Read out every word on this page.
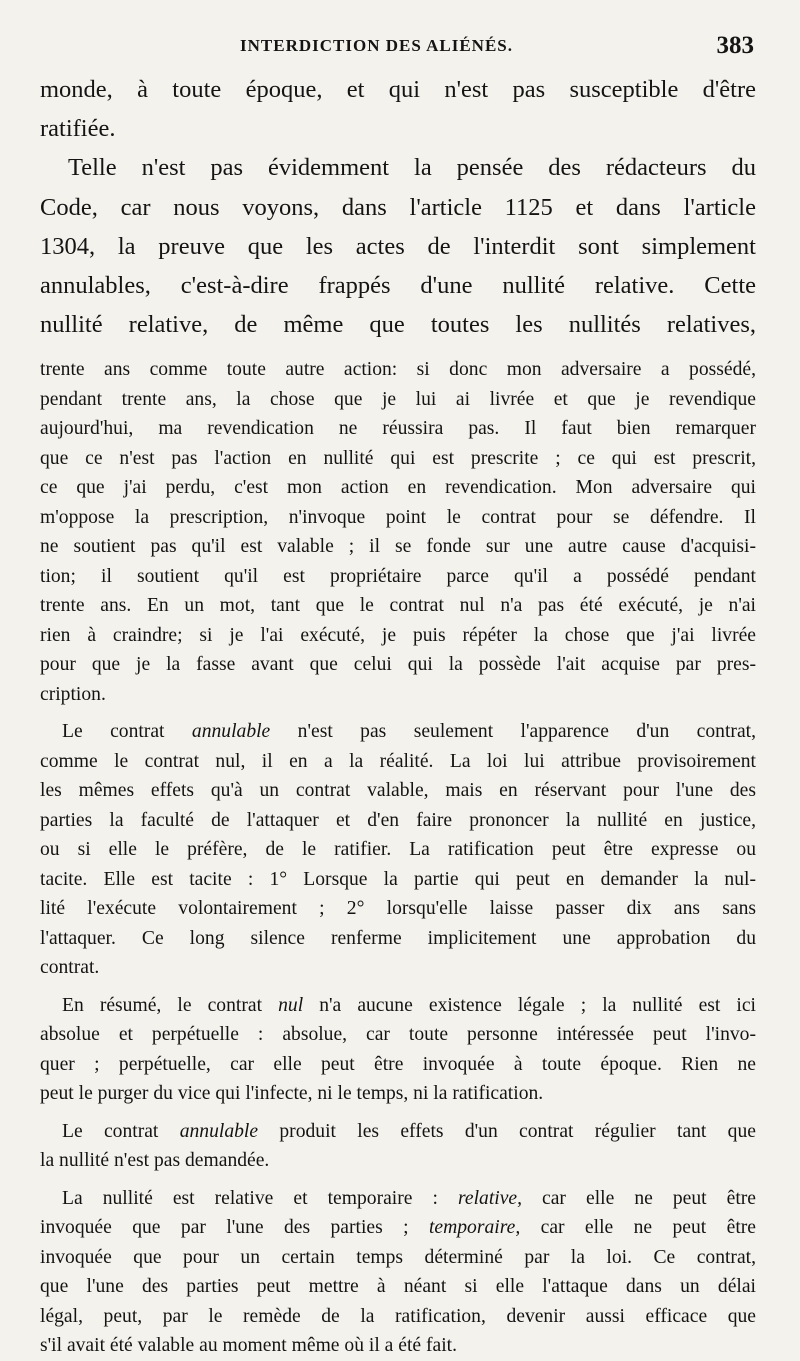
INTERDICTION DES ALIÉNÉS.	383

monde, à toute époque, et qui n'est pas susceptible d'être

ratifiée.

Telle n'est pas évidemment la pensée des rédacteurs du

Code, car nous voyons, dans l'article 1125 et dans l'article

1304, la preuve que les actes de l'interdit sont simplement

annulables, c'est-à-dire frappés d'une nullité relative. Cette

nullité relative, de même que toutes les nullités relatives,

trente ans comme toute autre action: si donc mon adversaire a possédé,

pendant trente ans, la chose que je lui ai livrée et que je revendique

aujourd'hui, ma revendication ne réussira pas. Il faut bien remarquer

que ce n'est pas l'action en nullité qui est prescrite ; ce qui est prescrit,

ce que j'ai perdu, c'est mon action en revendication. Mon adversaire qui

m'oppose la prescription, n'invoque point le contrat pour se défendre. Il

ne soutient pas qu'il est valable ; il se fonde sur une autre cause d'acquisi-

tion; il soutient qu'il est propriétaire parce qu'il a possédé pendant

trente ans. En un mot, tant que le contrat nul n'a pas été exécuté, je n'ai

rien à craindre; si je l'ai exécuté, je puis répéter la chose que j'ai livrée

pour que je la fasse avant que celui qui la possède l'ait acquise par pres-

cription.

Le contrat annulable n'est pas seulement l'apparence d'un contrat,

comme le contrat nul, il en a la réalité. La loi lui attribue provisoirement

les mêmes effets qu'à un contrat valable, mais en réservant pour l'une des

parties la faculté de l'attaquer et d'en faire prononcer la nullité en justice,

ou si elle le préfère, de le ratifier. La ratification peut être expresse ou

tacite. Elle est tacite : 1° Lorsque la partie qui peut en demander la nul-

lité l'exécute volontairement ; 2° lorsqu'elle laisse passer dix ans sans

l'attaquer. Ce long silence renferme implicitement une approbation du

contrat.

En résumé, le contrat nul n'a aucune existence légale ; la nullité est ici

absolue et perpétuelle : absolue, car toute personne intéressée peut l'invo-

quer ; perpétuelle, car elle peut être invoquée à toute époque. Rien ne

peut le purger du vice qui l'infecte, ni le temps, ni la ratification.

Le contrat annulable produit les effets d'un contrat régulier tant que

la nullité n'est pas demandée.

La nullité est relative et temporaire : relative, car elle ne peut être

invoquée que par l'une des parties ; temporaire, car elle ne peut être

invoquée que pour un certain temps déterminé par la loi. Ce contrat,

que l'une des parties peut mettre à néant si elle l'attaque dans un délai

légal, peut, par le remède de la ratification, devenir aussi efficace que

s'il avait été valable au moment même où il a été fait.
